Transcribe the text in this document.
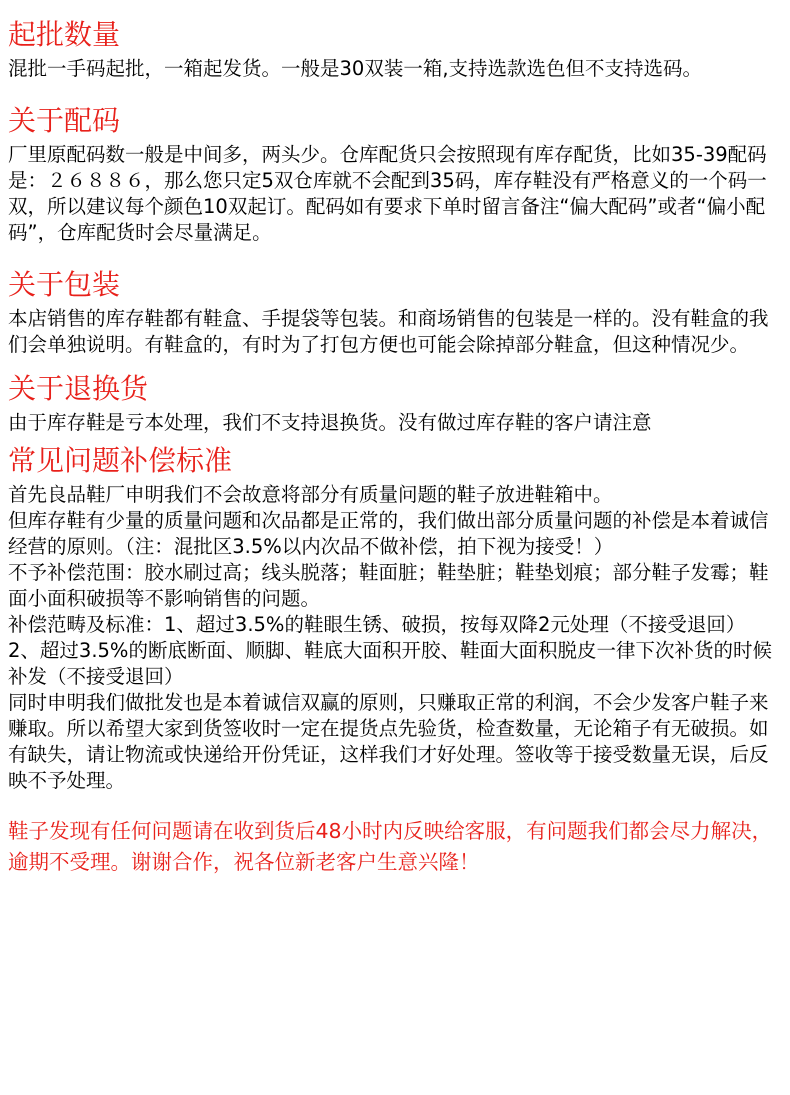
起批数量

混批一手码起批，一箱起发货。一般是30双装一箱,支持选款选色但不支持选码。

关于配码

厂里原配码数一般是中间多，两头少。仓库配货只会按照现有库存配货，比如35-39配码是：２６８８６，那么您只定5双仓库就不会配到35码，库存鞋没有严格意义的一个码一双，所以建议每个颜色10双起订。配码如有要求下单时留言备注“偏大配码”或者“偏小配码”，仓库配货时会尽量满足。

关于包装

本店销售的库存鞋都有鞋盒、手提袋等包装。和商场销售的包装是一样的。没有鞋盒的我们会单独说明。有鞋盒的，有时为了打包方便也可能会除掉部分鞋盒，但这种情况少。

关于退换货

由于库存鞋是亏本处理，我们不支持退换货。没有做过库存鞋的客户请注意

常见问题补偿标准

首先良品鞋厂申明我们不会故意将部分有质量问题的鞋子放进鞋箱中。

但库存鞋有少量的质量问题和次品都是正常的，我们做出部分质量问题的补偿是本着诚信经营的原则。（注：混批区3.5%以内次品不做补偿，拍下视为接受！）

不予补偿范围：胶水刷过高；线头脱落；鞋面脏；鞋垫脏；鞋垫划痕；部分鞋子发霉；鞋面小面积破损等不影响销售的问题。

补偿范畴及标准：1、超过3.5%的鞋眼生锈、破损，按每双降2元处理（不接受退回）

2、超过3.5%的断底断面、顺脚、鞋底大面积开胶、鞋面大面积脱皮一律下次补货的时候补发（不接受退回）

同时申明我们做批发也是本着诚信双赢的原则，只赚取正常的利润，不会少发客户鞋子来赚取。所以希望大家到货签收时一定在提货点先验货，检查数量，无论箱子有无破损。如有缺失，请让物流或快递给开份凭证，这样我们才好处理。签收等于接受数量无误，后反映不予处理。

鞋子发现有任何问题请在收到货后48小时内反映给客服，有问题我们都会尽力解决，逾期不受理。谢谢合作，祝各位新老客户生意兴隆！
